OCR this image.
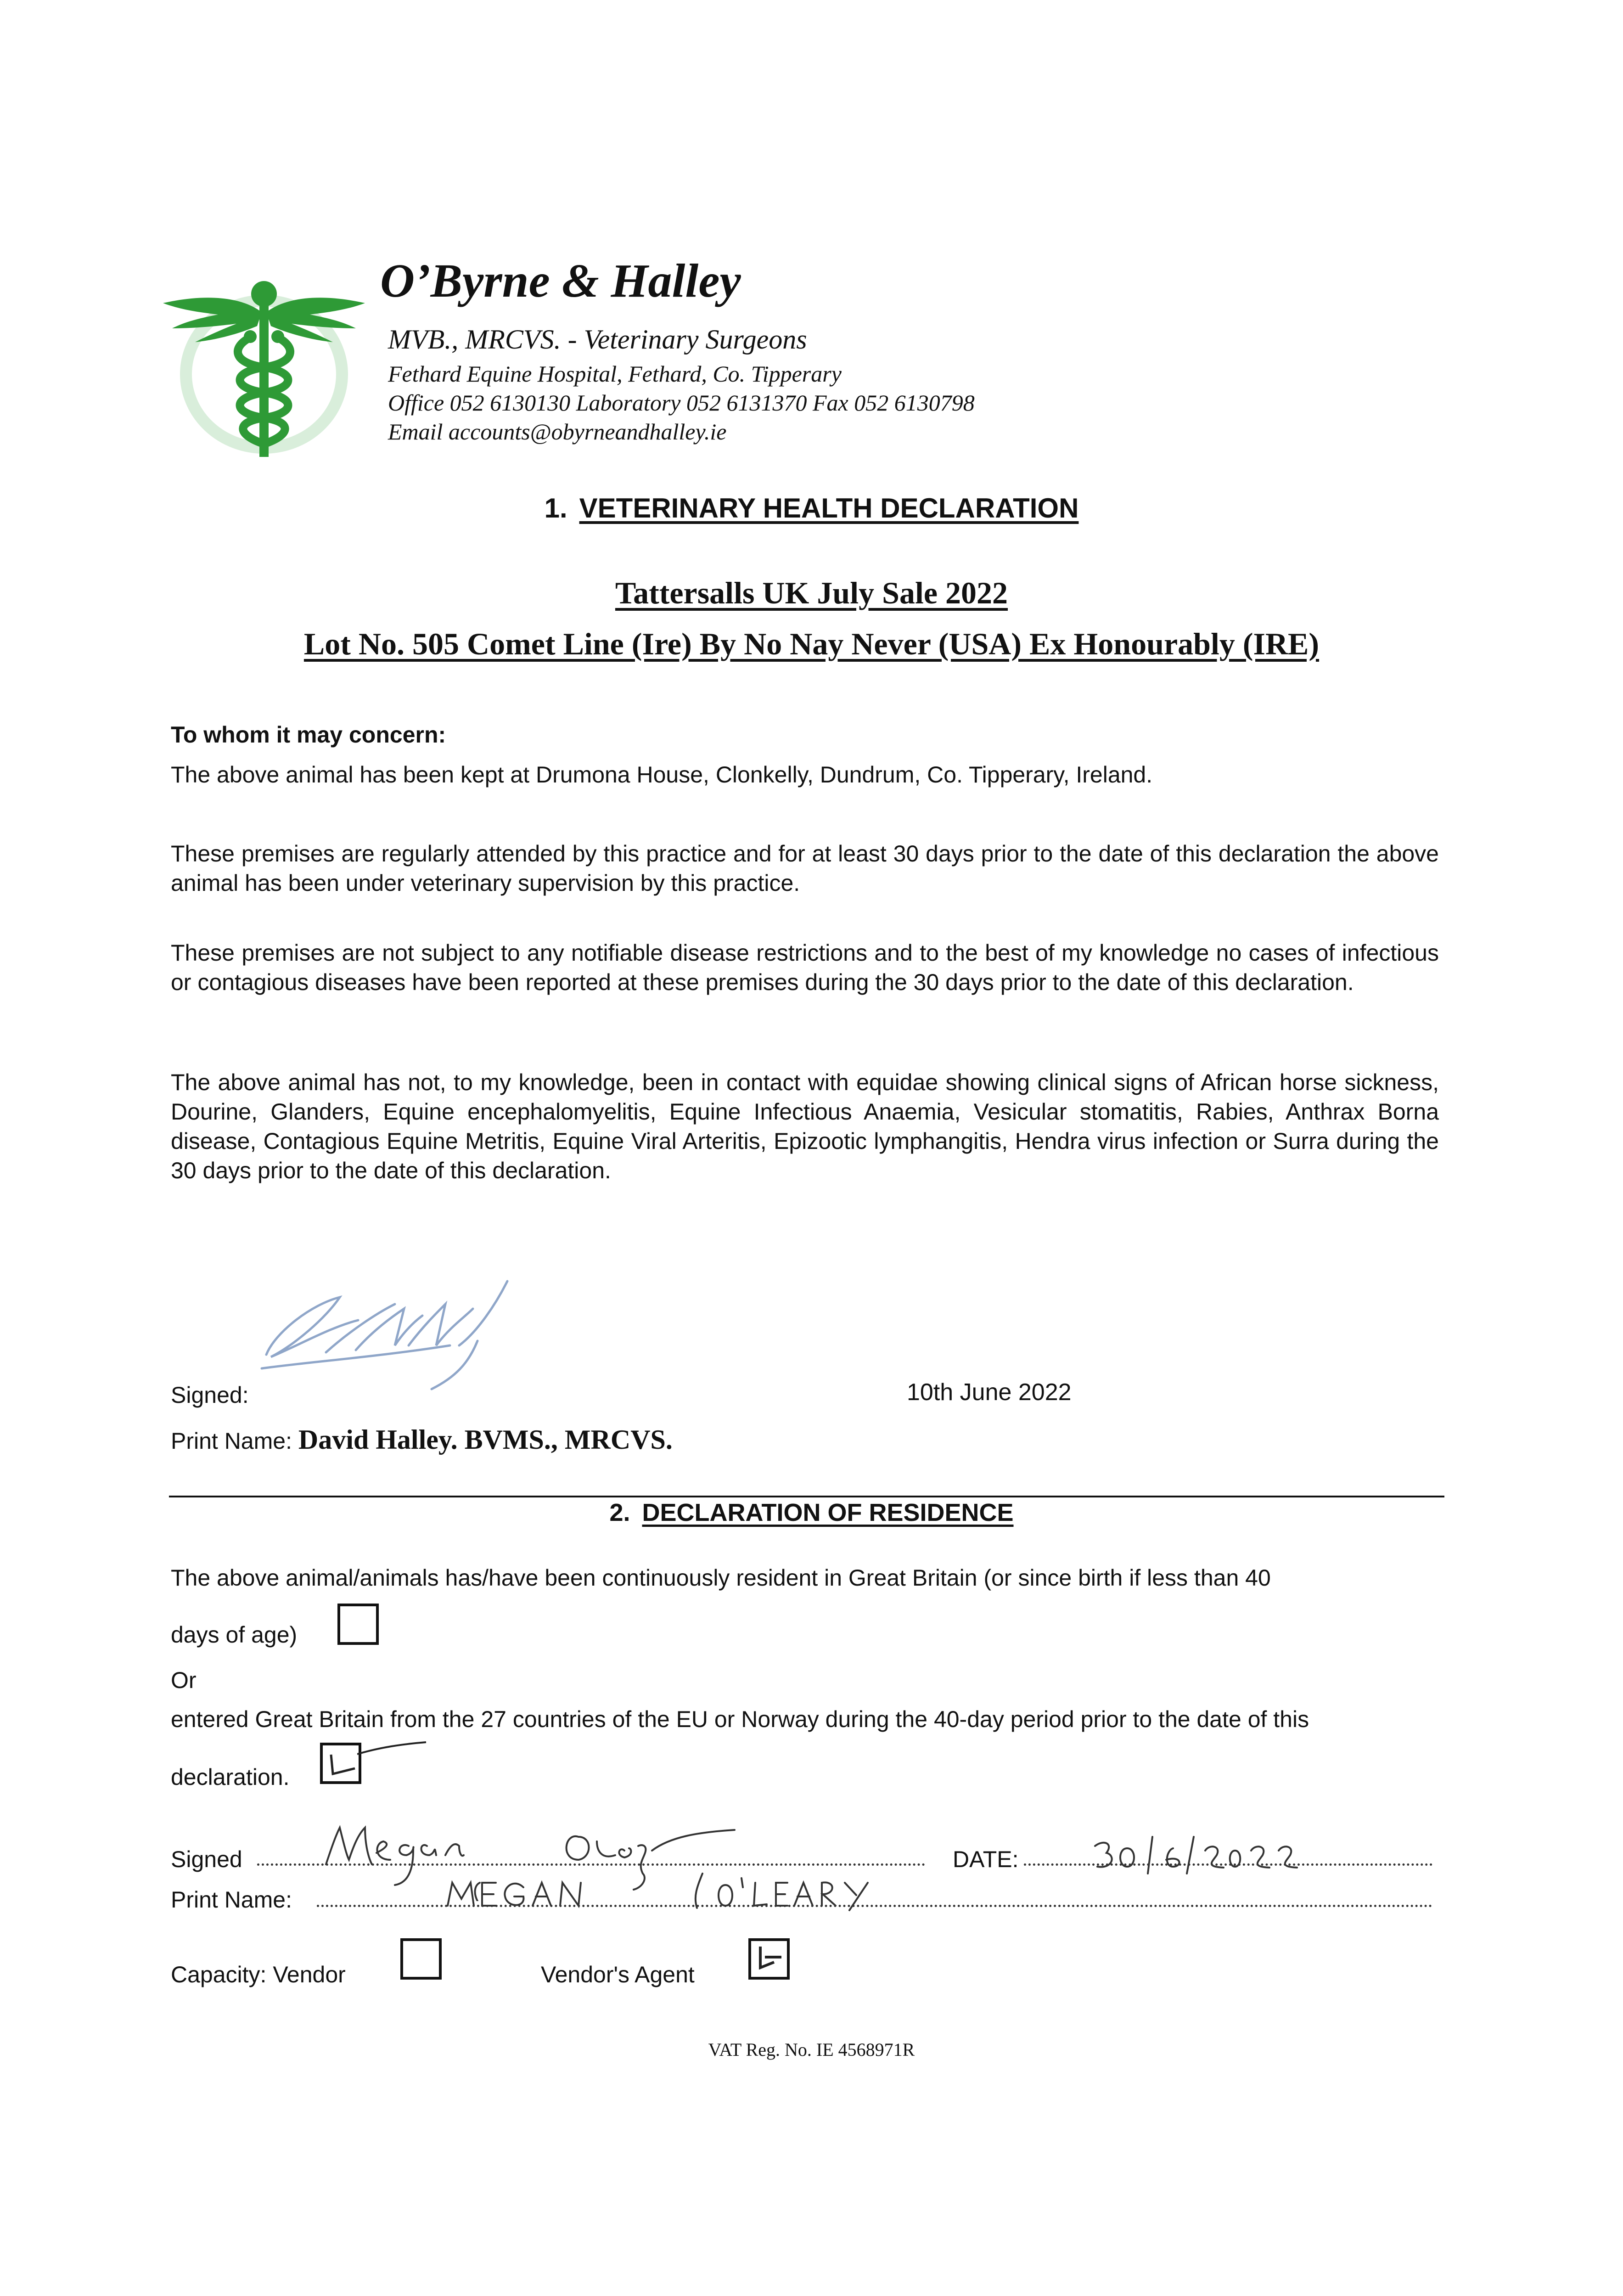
O’Byrne & Halley
MVB., MRCVS. - Veterinary Surgeons
Fethard Equine Hospital, Fethard, Co. Tipperary
Office 052 6130130 Laboratory 052 6131370 Fax 052 6130798
Email accounts@obyrneandhalley.ie
1. VETERINARY HEALTH DECLARATION
Tattersalls UK July Sale 2022
Lot No. 505 Comet Line (Ire) By No Nay Never (USA) Ex Honourably (IRE)
To whom it may concern:
The above animal has been kept at Drumona House, Clonkelly, Dundrum, Co. Tipperary, Ireland.
These premises are regularly attended by this practice and for at least 30 days prior to the date of this declaration the above animal has been under veterinary supervision by this practice.
These premises are not subject to any notifiable disease restrictions and to the best of my knowledge no cases of infectious or contagious diseases have been reported at these premises during the 30 days prior to the date of this declaration.
The above animal has not, to my knowledge, been in contact with equidae showing clinical signs of African horse sickness, Dourine, Glanders, Equine encephalomyelitis, Equine Infectious Anaemia, Vesicular stomatitis, Rabies, Anthrax Borna disease, Contagious Equine Metritis, Equine Viral Arteritis, Epizootic lymphangitis, Hendra virus infection or Surra during the 30 days prior to the date of this declaration.
Signed:	10th June 2022
Print Name: David Halley. BVMS., MRCVS.
2. DECLARATION OF RESIDENCE
The above animal/animals has/have been continuously resident in Great Britain (or since birth if less than 40
days of age)
Or
entered Great Britain from the 27 countries of the EU or Norway during the 40-day period prior to the date of this
declaration.
Signed	DATE:
Print Name:
Capacity: Vendor	Vendor's Agent
VAT Reg. No. IE 4568971R
